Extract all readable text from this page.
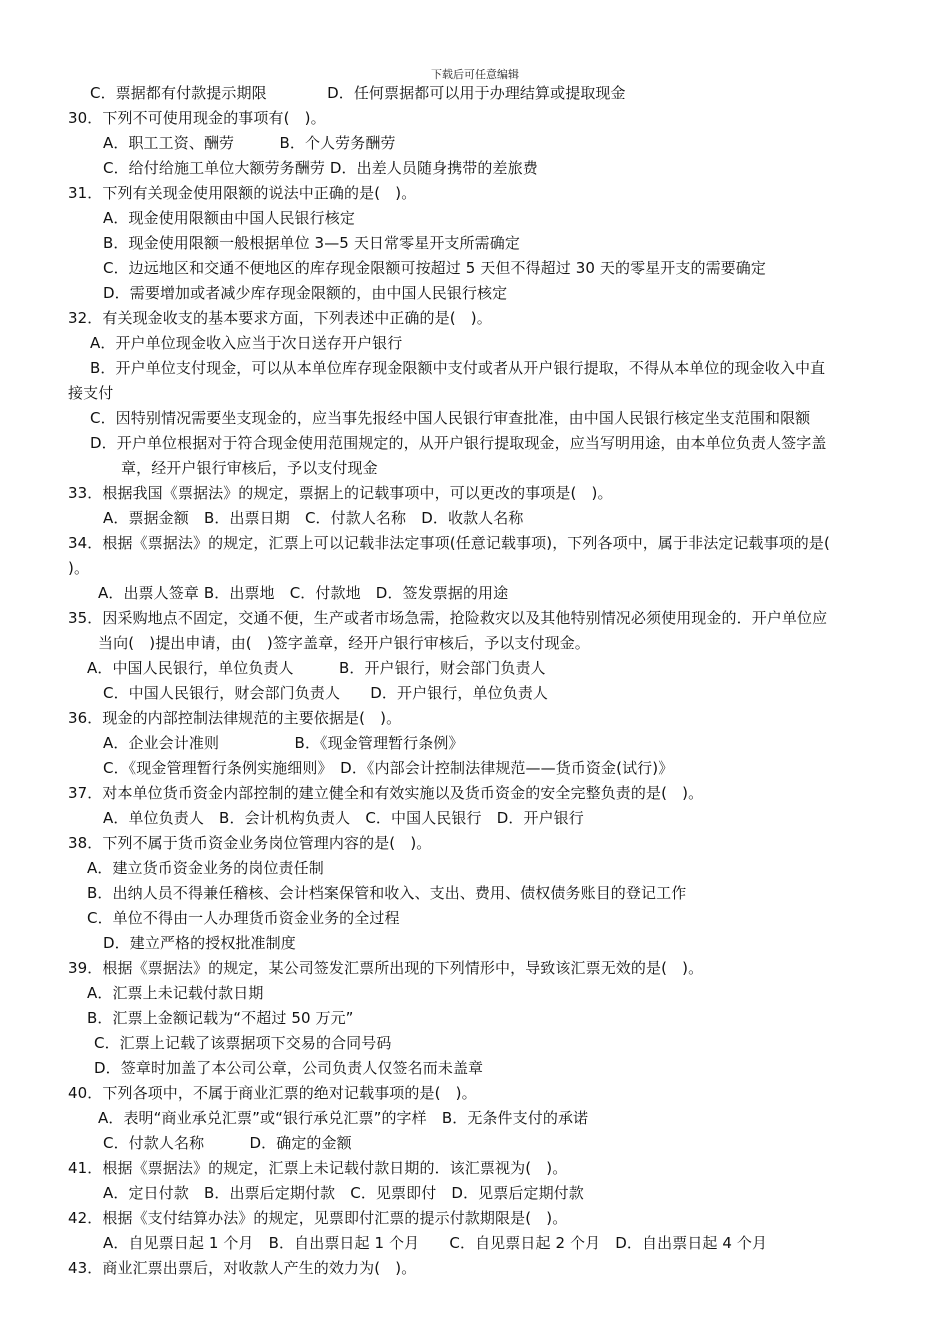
下载后可任意编辑
C．票据都有付款提示期限　　　　D．任何票据都可以用于办理结算或提取现金
30．下列不可使用现金的事项有(　)。
A．职工工资、酬劳　　　B．个人劳务酬劳
C．给付给施工单位大额劳务酬劳 D．出差人员随身携带的差旅费
31．下列有关现金使用限额的说法中正确的是(　)。
A．现金使用限额由中国人民银行核定
B．现金使用限额一般根据单位 3—5 天日常零星开支所需确定
C．边远地区和交通不便地区的库存现金限额可按超过 5 天但不得超过 30 天的零星开支的需要确定
D．需要增加或者减少库存现金限额的，由中国人民银行核定
32．有关现金收支的基本要求方面，下列表述中正确的是(　)。
A．开户单位现金收入应当于次日送存开户银行
B．开户单位支付现金，可以从本单位库存现金限额中支付或者从开户银行提取，不得从本单位的现金收入中直
接支付
C．因特别情况需要坐支现金的，应当事先报经中国人民银行审查批准，由中国人民银行核定坐支范围和限额
D．开户单位根据对于符合现金使用范围规定的，从开户银行提取现金，应当写明用途，由本单位负责人签字盖
章，经开户银行审核后，予以支付现金
33．根据我国《票据法》的规定，票据上的记载事项中，可以更改的事项是(　)。
A．票据金额　B．出票日期　C．付款人名称　D．收款人名称
34．根据《票据法》的规定，汇票上可以记载非法定事项(任意记载事项)，下列各项中，属于非法定记载事项的是(
)。
A．出票人签章 B．出票地　C．付款地　D．签发票据的用途
35．因采购地点不固定，交通不便，生产或者市场急需，抢险救灾以及其他特别情况必须使用现金的．开户单位应
当向(　)提出申请，由(　)签字盖章，经开户银行审核后，予以支付现金。
A．中国人民银行，单位负责人　　　B．开户银行，财会部门负责人
C．中国人民银行，财会部门负责人　　D．开户银行，单位负责人
36．现金的内部控制法律规范的主要依据是(　)。
A．企业会计准则　　　　　B．《现金管理暂行条例》
C．《现金管理暂行条例实施细则》　D．《内部会计控制法律规范——货币资金(试行)》
37．对本单位货币资金内部控制的建立健全和有效实施以及货币资金的安全完整负责的是(　)。
A．单位负责人　B．会计机构负责人　C．中国人民银行　D．开户银行
38．下列不属于货币资金业务岗位管理内容的是(　)。
A．建立货币资金业务的岗位责任制
B．出纳人员不得兼任稽核、会计档案保管和收入、支出、费用、债权债务账目的登记工作
C．单位不得由一人办理货币资金业务的全过程
D．建立严格的授权批准制度
39．根据《票据法》的规定，某公司签发汇票所出现的下列情形中，导致该汇票无效的是(　)。
A．汇票上未记载付款日期
B．汇票上金额记载为“不超过 50 万元”
C．汇票上记载了该票据项下交易的合同号码
D．签章时加盖了本公司公章，公司负责人仅签名而未盖章
40．下列各项中，不属于商业汇票的绝对记载事项的是(　)。
A．表明“商业承兑汇票”或“银行承兑汇票”的字样　B．无条件支付的承诺
C．付款人名称　　　D．确定的金额
41．根据《票据法》的规定，汇票上未记载付款日期的．该汇票视为(　)。
A．定日付款　B．出票后定期付款　C．见票即付　D．见票后定期付款
42．根据《支付结算办法》的规定，见票即付汇票的提示付款期限是(　)。
A．自见票日起 1 个月　B．自出票日起 1 个月　　C．自见票日起 2 个月　D．自出票日起 4 个月
43．商业汇票出票后，对收款人产生的效力为(　)。
